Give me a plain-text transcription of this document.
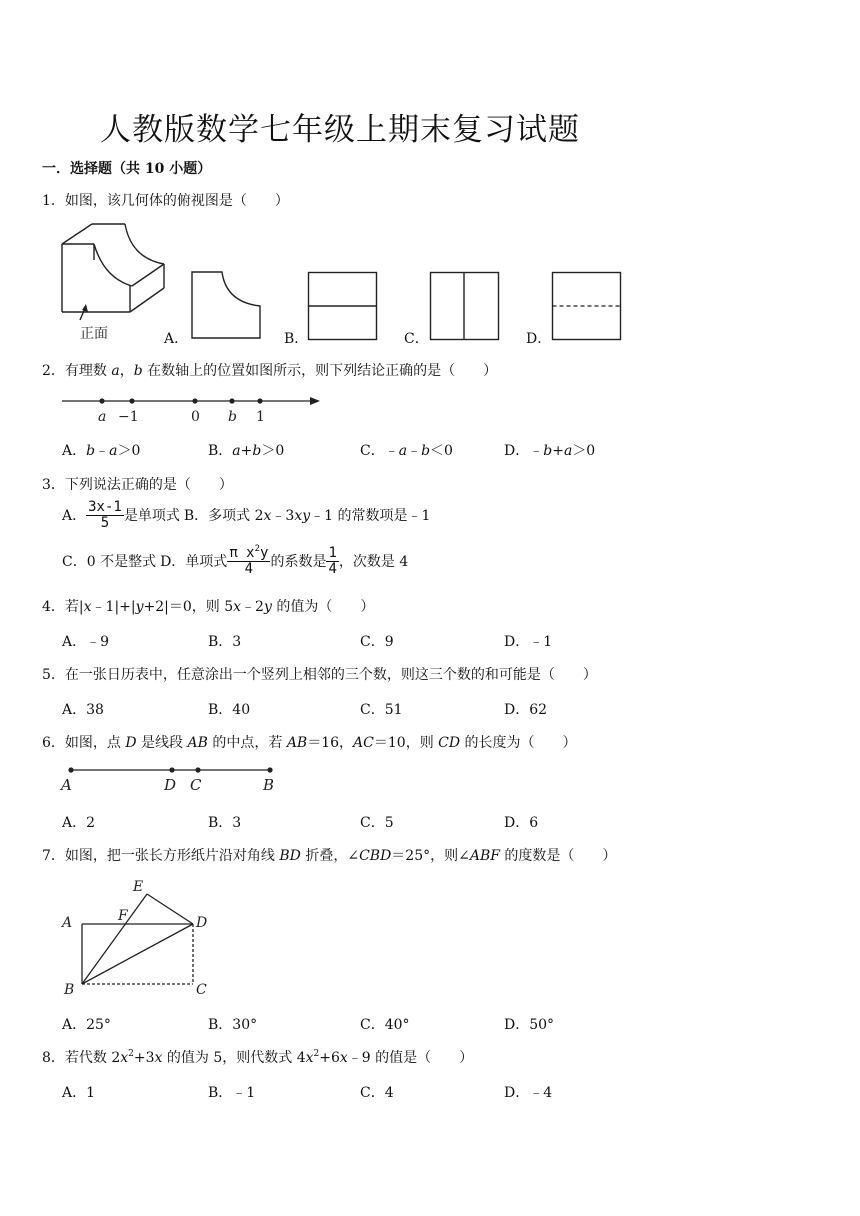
人教版数学七年级上期末复习试题
一．选择题（共 10 小题）
1．如图，该几何体的俯视图是（　　）
正面	A．	B．	C．	D．
2．有理数 a，b 在数轴上的位置如图所示，则下列结论正确的是（　　）
a −1	0 b 1
A．b﹣a＞0	B．a+b＞0	C．﹣a﹣b＜0	D．﹣b+a＞0
3．下列说法正确的是（　　）
A． $\frac{3x-1}{5}$ 是单项式 B．多项式 2x﹣3xy﹣1 的常数项是﹣1
C．0 不是整式 D．单项式 $\frac{\pi x^2y}{4}$ 的系数是 $\frac{1}{4}$ ，次数是 4
4．若|x﹣1|+|y+2|＝0，则 5x﹣2y 的值为（　　）
A．﹣9	B．3	C．9	D．﹣1
5．在一张日历表中，任意涂出一个竖列上相邻的三个数，则这三个数的和可能是（　　）
A．38	B．40	C．51	D．62
6．如图，点 D 是线段 AB 的中点，若 AB＝16，AC＝10，则 CD 的长度为（　　）
A	D C	B
A．2	B．3	C．5	D．6
7．如图，把一张长方形纸片沿对角线 BD 折叠，∠CBD＝25°，则∠ABF 的度数是（　　）
E
F
A	D
B	C
A．25°	B．30°	C．40°	D．50°
8．若代数 $2x^2+3x$ 的值为 5，则代数式 $4x^2+6x﹣9$ 的值是（　　）
A．1	B．﹣1	C．4	D．﹣4
